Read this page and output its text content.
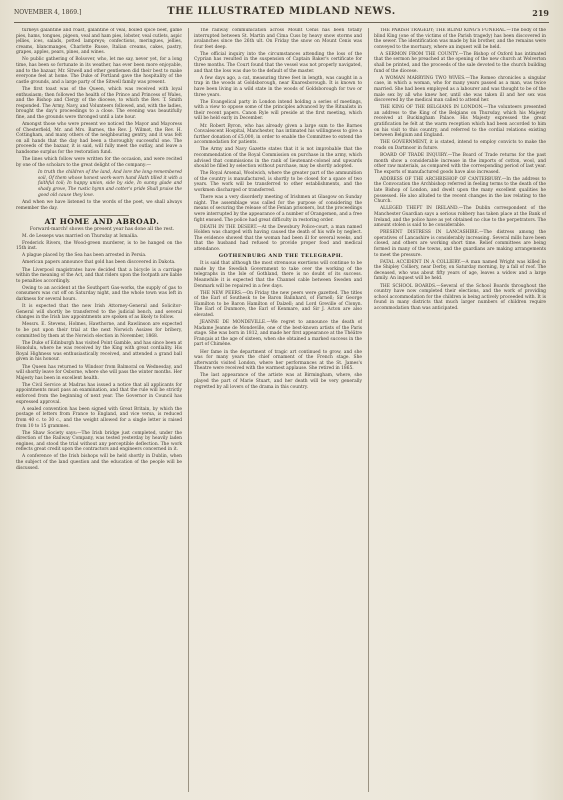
NOVEMBER 4, 1869.]	THE ILLUSTRATED MIDLAND NEWS.	219

turkeys galantine and roast, galantine of veal, boiled spice beef, game pies, hams, tongues, pigeon, veal and ham pies, lobster, veal cutlets, aspic jellies, ices, salads, potted lampreys; confections, meringues, jellies, creams, blancmanges, Charlotte Russe, Italian creams, cakes, pastry, grapes, apples, pears, pines, and wines.

No public gathering of Bolsover, who, let me say, never yet, for a long time, has been so fortunate in its weather, has ever been more enjoyable, and to the bazaar, Mr. Sitwell and other gentlemen did their best to make everyone feel at home. The Duke of Portland gave the hospitality of the castle grounds, and a large party of the Sitwell family was present.

The first toast was of the Queen, which was received with loyal enthusiasm; then followed the health of the Prince and Princess of Wales, and the Bishop and Clergy of the diocese, to which the Rev. T. Smith responded. The Army, Navy, and Volunteers followed, and, with the ladies, brought the day's proceedings to a close. The evening was beautifully fine, and the grounds were thronged until a late hour.

Amongst those who were present we noticed the Mayor and Mayoress of Chesterfield, Mr. and Mrs. Barnes, the Rev. J. Wilmot, the Rev. H. Cottingham, and many others of the neighbouring gentry, and it was felt on all hands that the day had been a thoroughly successful one. The proceeds of the bazaar, it is said, will fully meet the outlay, and leave a handsome surplus for the restoration fund.

The lines which follow were written for the occasion, and were recited by one of the scholars to the great delight of the company:—

In truth the children of the land, And lore the long-remembered soil, Of them whose honest work-worn hand Hath tilled it with a faithful toil; In happy union, side by side, In sunny glade and shady grove, The rustic hymn and cotter's pride Shall praise the good old cause they love.

And when we have listened to the words of the poet, we shall always remember the day.

AT HOME AND ABROAD.

Forward-march! shows the present year has done all the rest.

M. de Lesseps was married on Thursday at Ismailia.

Frederick Rivers, the Wood-green murderer, is to be hanged on the 15th inst.

A plague placed by the Sea has been arrested in Persia.

American papers announce that gold has been discovered in Dakota.

The Liverpool magistrates have decided that a bicycle is a carriage within the meaning of the Act, and that riders upon the footpath are liable to penalties accordingly.

Owing to an accident at the Southport Gas-works, the supply of gas to consumers was cut off on Saturday night, and the whole town was left in darkness for several hours.

It is expected that the new Irish Attorney-General and Solicitor-General will shortly be transferred to the judicial bench, and several changes in the Irish law appointments are spoken of as likely to follow.

Messrs. E. Stevens, Holmes, Hawthorne, and Rawlinson are expected to be put upon their trial at the next Norwich Assizes for bribery, committed by them at the Norwich election in November, 1868.

The Duke of Edinburgh has visited Point Gamble, and has since been at Honolulu, where he was received by the King with great cordiality. His Royal Highness was enthusiastically received, and attended a grand ball given in his honour.

The Queen has returned to Windsor from Balmoral on Wednesday, and will shortly leave for Osborne, where she will pass the winter months. Her Majesty has been in excellent health.

The Civil Service at Madras has issued a notice that all applicants for appointments must pass an examination, and that the rule will be strictly enforced from the beginning of next year. The Governor in Council has expressed approval.

A sealed convention has been signed with Great Britain, by which the postage of letters from France to England, and vice versa, is reduced from 40 c. to 30 c., and the weight allowed for a single letter is raised from 10 to 15 grammes.

The Shaw Society says:—The Irish bridge just completed, under the direction of the Railway Company, was tested yesterday by heavily laden engines, and stood the trial without any perceptible deflection. The work reflects great credit upon the contractors and engineers concerned in it.

A conference of the Irish bishops will be held shortly in Dublin, when the subject of the land question and the education of the people will be discussed.

The railway communication across Mount Cenis has been totally interrupted between St. Martin and Cima Cuss by heavy snow storms and avalanches since the 26th ult. On Friday the snow on Mount Cenis was four feet deep.

The official inquiry into the circumstances attending the loss of the Cyprian has resulted in the suspension of Captain Baker's certificate for three months. The Court found that the vessel was not properly navigated, and that the loss was due to the default of the master.

A few days ago, a cat, measuring three feet in length, was caught in a trap in the woods at Goldsborough, near Knaresborough. It is known to have been living in a wild state in the woods of Goldsborough for two or three years.

The Evangelical party in London intend holding a series of meetings, with a view to oppose some of the principles advanced by the Ritualists in their recent papers. Canon Ryle will preside at the first meeting, which will be held early in December.

Mr. Robert Byron, who has already given a large sum to the Barnes Convalescent Hospital, Manchester, has intimated his willingness to give a further donation of £5,000, in order to enable the Committee to extend the accommodation for patients.

The Army and Navy Gazette states that it is not improbable that the recommendation of the Royal Commission on purchase in the army, which advised that commissions in the rank of lieutenant-colonel and upwards should be filled by selection without purchase, may be shortly adopted.

The Royal Arsenal, Woolwich, where the greater part of the ammunition of the country is manufactured, is shortly to be closed for a space of two years. The work will be transferred to other establishments, and the workmen discharged or transferred.

There was a very disorderly meeting of Irishmen at Glasgow on Sunday night. The assemblage was called for the purpose of considering the means of securing the release of the Fenian prisoners, but the proceedings were interrupted by the appearance of a number of Orangemen, and a free fight ensued. The police had great difficulty in restoring order.

DEATH IN THE DESERT.—At the Dewsbury Police-court, a man named Holden was charged with having caused the death of his wife by neglect. The evidence showed that the woman had been ill for several weeks, and that the husband had refused to provide proper food and medical attendance.

GOTHENBURG AND THE TELEGRAPH.

It is said that although the most strenuous exertions will continue to be made by the Swedish Government to take over the working of the telegraphs in the Isle of Gothland, there is no doubt of its success. Meanwhile it is expected that the Channel cable between Sweden and Denmark will be repaired in a few days.

THE NEW PEERS.—On Friday the new peers were gazetted. The titles of the Earl of Southesk to be Baron Balinhard, of Farnell; Sir George Hamilton to be Baron Hamilton of Dalzell; and Lord Greville of Clonyn. The Earl of Dunmore, the Earl of Kenmare, and Sir J. Acton are also elevated.

JEANNE DE MONDEVILLE.—We regret to announce the death of Madame Jeanne de Mondeville, one of the best-known artists of the Paris stage. She was born in 1812, and made her first appearance at the Théâtre Français at the age of sixteen, when she obtained a marked success in the part of Chimène.

Her fame in the department of tragic art continued to grow, and she was for many years the chief ornament of the French stage. She afterwards visited London, where her performances at the St. James's Theatre were received with the warmest applause. She retired in 1865.

The last appearance of the artiste was at Birmingham, where, she played the part of Marie Stuart, and her death will be very generally regretted by all lovers of the drama in this country.

THE PARISH TRAGEDY; THE BLIND KING'S FUNERAL.—The body of the blind King (one of the victims of the Parish tragedy) has been discovered in the sewer. The identification was made by his brother, and the remains were conveyed to the mortuary, where an inquest will be held.

A SERMON FROM THE COUNTY.—The Bishop of Oxford has intimated that the sermon he preached at the opening of the new church at Wolverton shall be printed, and the proceeds of the sale devoted to the church building fund of the diocese.

A WOMAN MARRYING TWO WIVES.—The Romeo chronicles a singular case, in which a woman, who for many years passed as a man, was twice married. She had been employed as a labourer and was thought to be of the male sex by all who knew her, until she was taken ill and her sex was discovered by the medical man called to attend her.

THE KING OF THE BELGIANS IN LONDON.—The volunteers presented an address to the King of the Belgians on Thursday, which his Majesty received at Buckingham Palace. His Majesty expressed the great gratification he felt at the warm reception which had been accorded to him on his visit to this country, and referred to the cordial relations existing between Belgium and England.

THE GOVERNMENT, it is stated, intend to employ convicts to make the roads on Dartmoor in future.

BOARD OF TRADE INQUIRY.—The Board of Trade returns for the past month show a considerable increase in the imports of cotton, wool, and other raw materials, as compared with the corresponding period of last year. The exports of manufactured goods have also increased.

ADDRESS OF THE ARCHBISHOP OF CANTERBURY.—In the address to the Convocation the Archbishop referred in feeling terms to the death of the late Bishop of London, and dwelt upon the many excellent qualities he possessed. He also alluded to the recent changes in the law relating to the Church.

ALLEGED THEFT IN IRELAND.—The Dublin correspondent of the Manchester Guardian says a serious robbery has taken place at the Bank of Ireland, and the police have as yet obtained no clue to the perpetrators. The amount stolen is said to be considerable.

PRESENT DISTRESS IN LANCASHIRE.—The distress among the operatives of Lancashire is considerably increasing. Several mills have been closed, and others are working short time. Relief committees are being formed in many of the towns, and the guardians are making arrangements to meet the pressure.

FATAL ACCIDENT IN A COLLIERY.—A man named Wright was killed in the Shipley Colliery, near Derby, on Saturday morning, by a fall of roof. The deceased, who was about fifty years of age, leaves a widow and a large family. An inquest will be held.

THE SCHOOL BOARDS.—Several of the School Boards throughout the country have now completed their elections, and the work of providing school accommodation for the children is being actively proceeded with. It is found in many districts that much larger numbers of children require accommodation than was anticipated.
